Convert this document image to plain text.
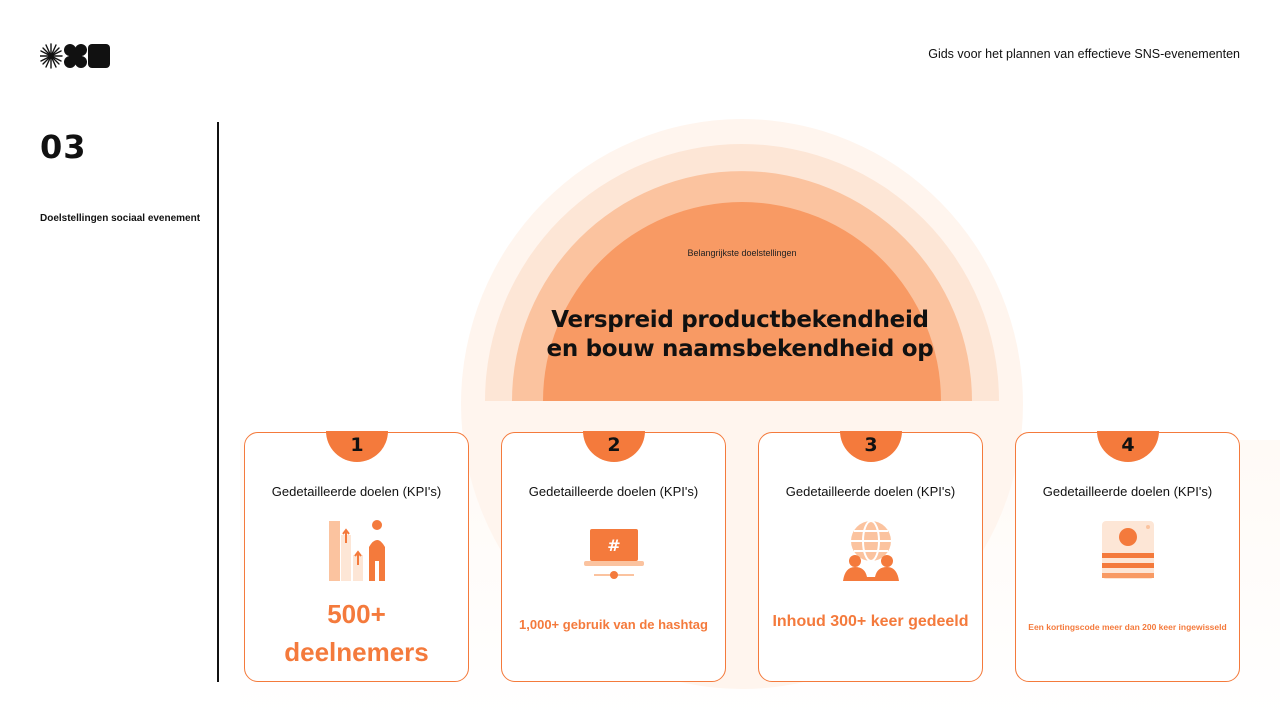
Gids voor het plannen van effectieve SNS-evenementen
03
Doelstellingen sociaal evenement
Belangrijkste doelstellingen
Verspreid productbekendheid
en bouw naamsbekendheid op
1
Gedetailleerde doelen (KPI's)
500+
deelnemers
2
Gedetailleerde doelen (KPI's)
#
1,000+ gebruik van de hashtag
3
Gedetailleerde doelen (KPI's)
Inhoud 300+ keer gedeeld
4
Gedetailleerde doelen (KPI's)
Een kortingscode meer dan 200 keer ingewisseld
